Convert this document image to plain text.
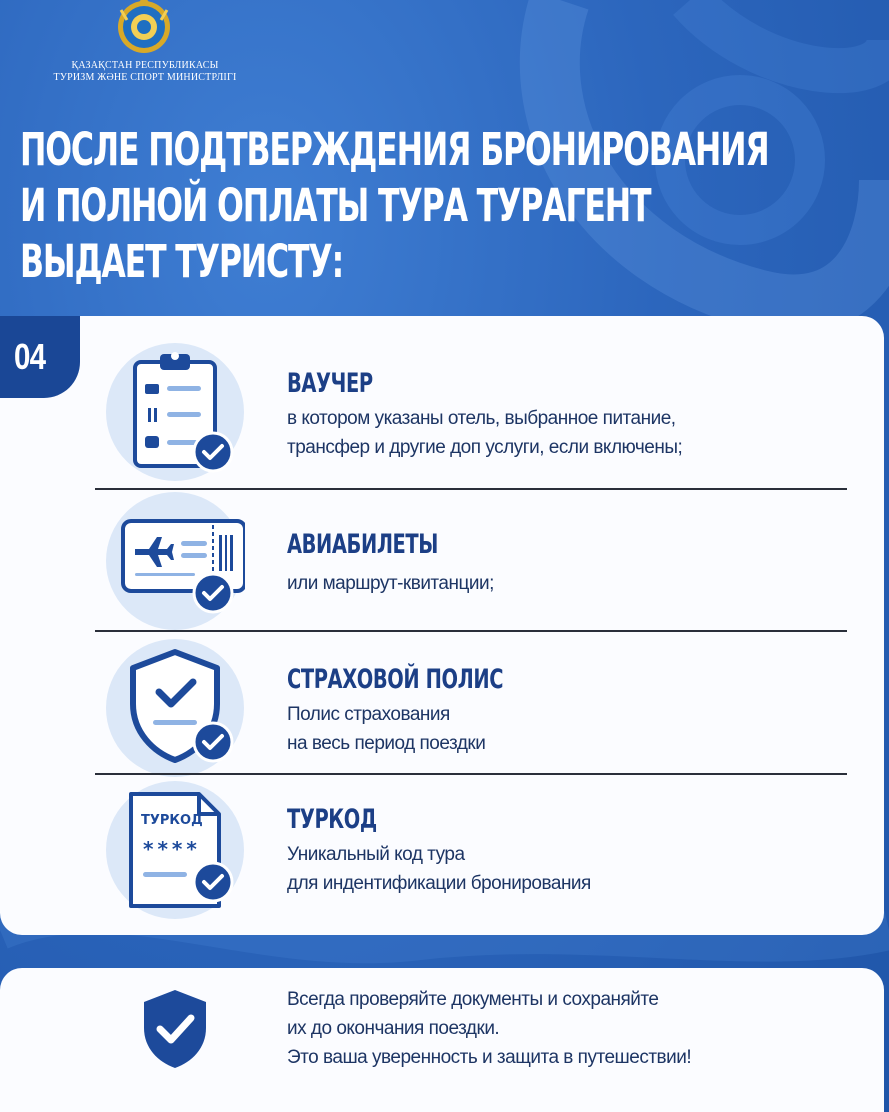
ҚАЗАҚСТАН РЕСПУБЛИКАСЫ
ТУРИЗМ ЖӘНЕ СПОРТ МИНИСТРЛІГІ
ПОСЛЕ ПОДТВЕРЖДЕНИЯ БРОНИРОВАНИЯ
И ПОЛНОЙ ОПЛАТЫ ТУРА ТУРАГЕНТ
ВЫДАЕТ ТУРИСТУ:
04
ВАУЧЕР
в котором указаны отель, выбранное питание,
трансфер и другие доп услуги, если включены;
АВИАБИЛЕТЫ
или маршрут-квитанции;
СТРАХОВОЙ ПОЛИС
Полис страхования
на весь период поездки
ТУРКОД
****
ТУРКОД
Уникальный код тура
для индентификации бронирования
Всегда проверяйте документы и сохраняйте
их до окончания поездки.
Это ваша уверенность и защита в путешествии!
